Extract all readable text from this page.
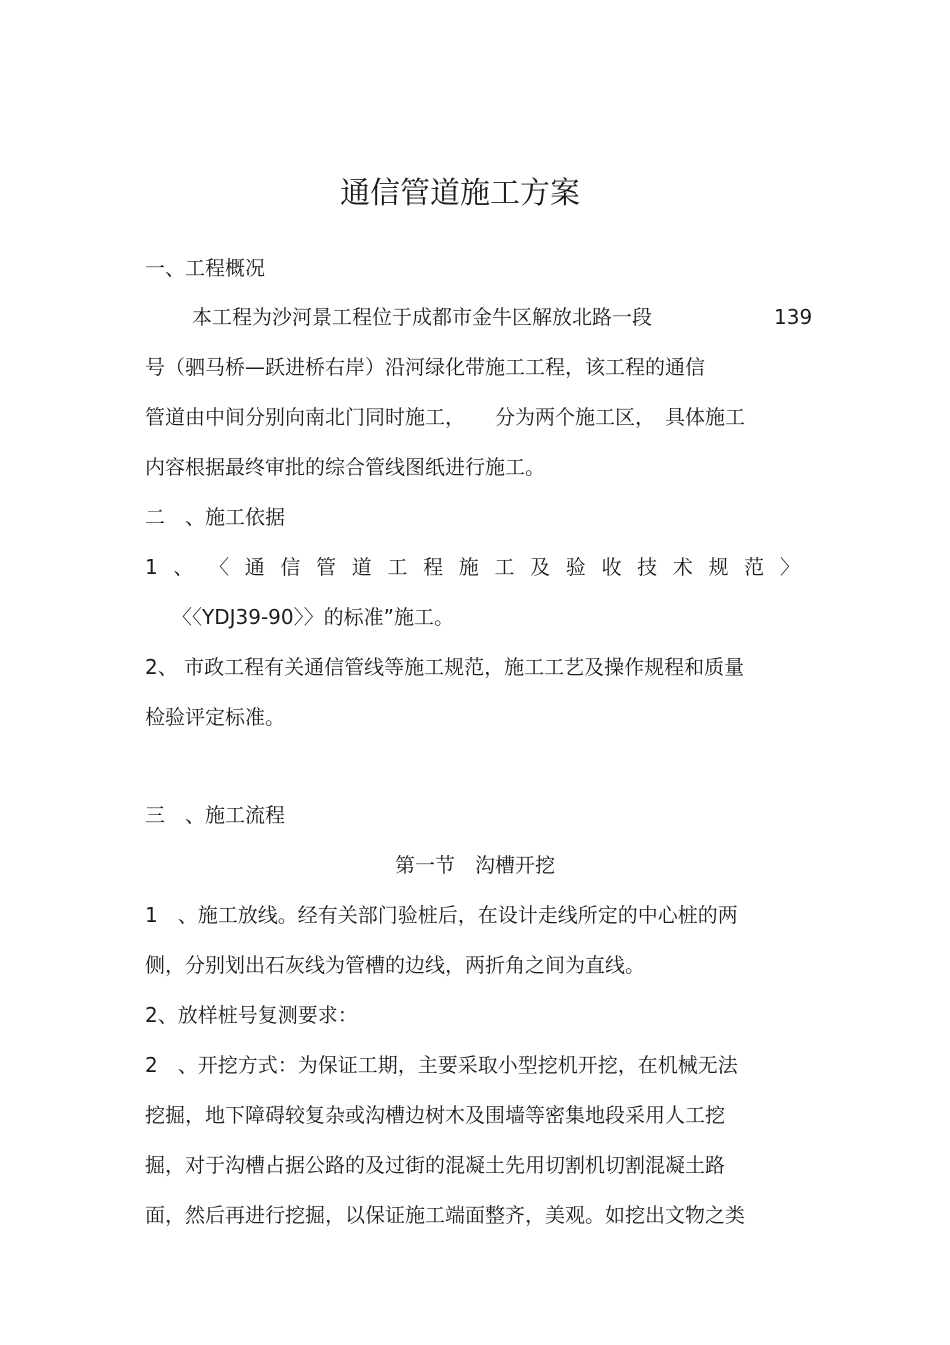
通信管道施工方案
一、工程概况
本工程为沙河景工程位于成都市金牛区解放北路一段	139
号（驷马桥—跃进桥右岸）沿河绿化带施工工程，该工程的通信
管道由中间分别向南北门同时施工，　　分为两个施工区，　具体施工
内容根据最终审批的综合管线图纸进行施工。
二　、施工依据
1 、 〈 通 信 管 道 工 程 施 工 及 验 收 技 术 规 范 〉
〈〈YDJ39-90〉〉的标准”施工。
2、 市政工程有关通信管线等施工规范，施工工艺及操作规程和质量
检验评定标准。
三　、施工流程
第一节　沟槽开挖
1　、施工放线。经有关部门验桩后，在设计走线所定的中心桩的两
侧，分别划出石灰线为管槽的边线，两折角之间为直线。
2、放样桩号复测要求：
2　、开挖方式：为保证工期，主要采取小型挖机开挖，在机械无法
挖掘，地下障碍较复杂或沟槽边树木及围墙等密集地段采用人工挖
掘，对于沟槽占据公路的及过街的混凝土先用切割机切割混凝土路
面，然后再进行挖掘，以保证施工端面整齐，美观。如挖出文物之类
